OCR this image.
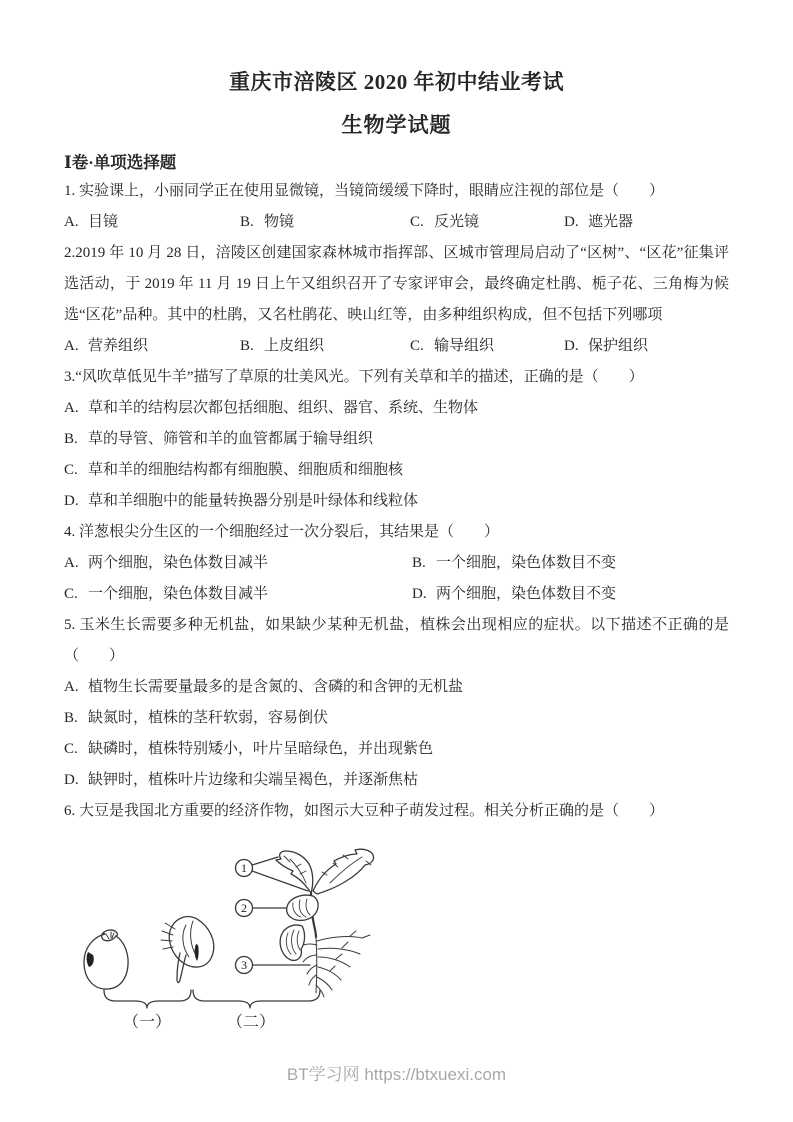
重庆市涪陵区 2020 年初中结业考试
生物学试题
Ⅰ卷·单项选择题

1. 实验课上，小丽同学正在使用显微镜，当镜筒缓缓下降时，眼睛应注视的部位是（　　）

A. 目镜	B. 物镜	C. 反光镜	D. 遮光器

2.2019 年 10 月 28 日，涪陵区创建国家森林城市指挥部、区城市管理局启动了“区树”、“区花”征集评选活动，于 2019 年 11 月 19 日上午又组织召开了专家评审会，最终确定杜鹃、栀子花、三角梅为候选“区花”品种。其中的杜鹃，又名杜鹃花、映山红等，由多种组织构成，但不包括下列哪项

A. 营养组织	B. 上皮组织	C. 输导组织	D. 保护组织

3.“风吹草低见牛羊”描写了草原的壮美风光。下列有关草和羊的描述，正确的是（　　）

A. 草和羊的结构层次都包括细胞、组织、器官、系统、生物体
B. 草的导管、筛管和羊的血管都属于输导组织
C. 草和羊的细胞结构都有细胞膜、细胞质和细胞核
D. 草和羊细胞中的能量转换器分别是叶绿体和线粒体

4. 洋葱根尖分生区的一个细胞经过一次分裂后，其结果是（　　）

A. 两个细胞，染色体数目减半	B. 一个细胞，染色体数目不变
C. 一个细胞，染色体数目减半	D. 两个细胞，染色体数目不变

5. 玉米生长需要多种无机盐，如果缺少某种无机盐，植株会出现相应的症状。以下描述不正确的是（　　）

A. 植物生长需要量最多的是含氮的、含磷的和含钾的无机盐
B. 缺氮时，植株的茎秆软弱，容易倒伏
C. 缺磷时，植株特别矮小，叶片呈暗绿色，并出现紫色
D. 缺钾时，植株叶片边缘和尖端呈褐色，并逐渐焦枯

6. 大豆是我国北方重要的经济作物，如图示大豆种子萌发过程。相关分析正确的是（　　）

1
2
3
（一）	（二）
BT学习网 https://btxuexi.com
